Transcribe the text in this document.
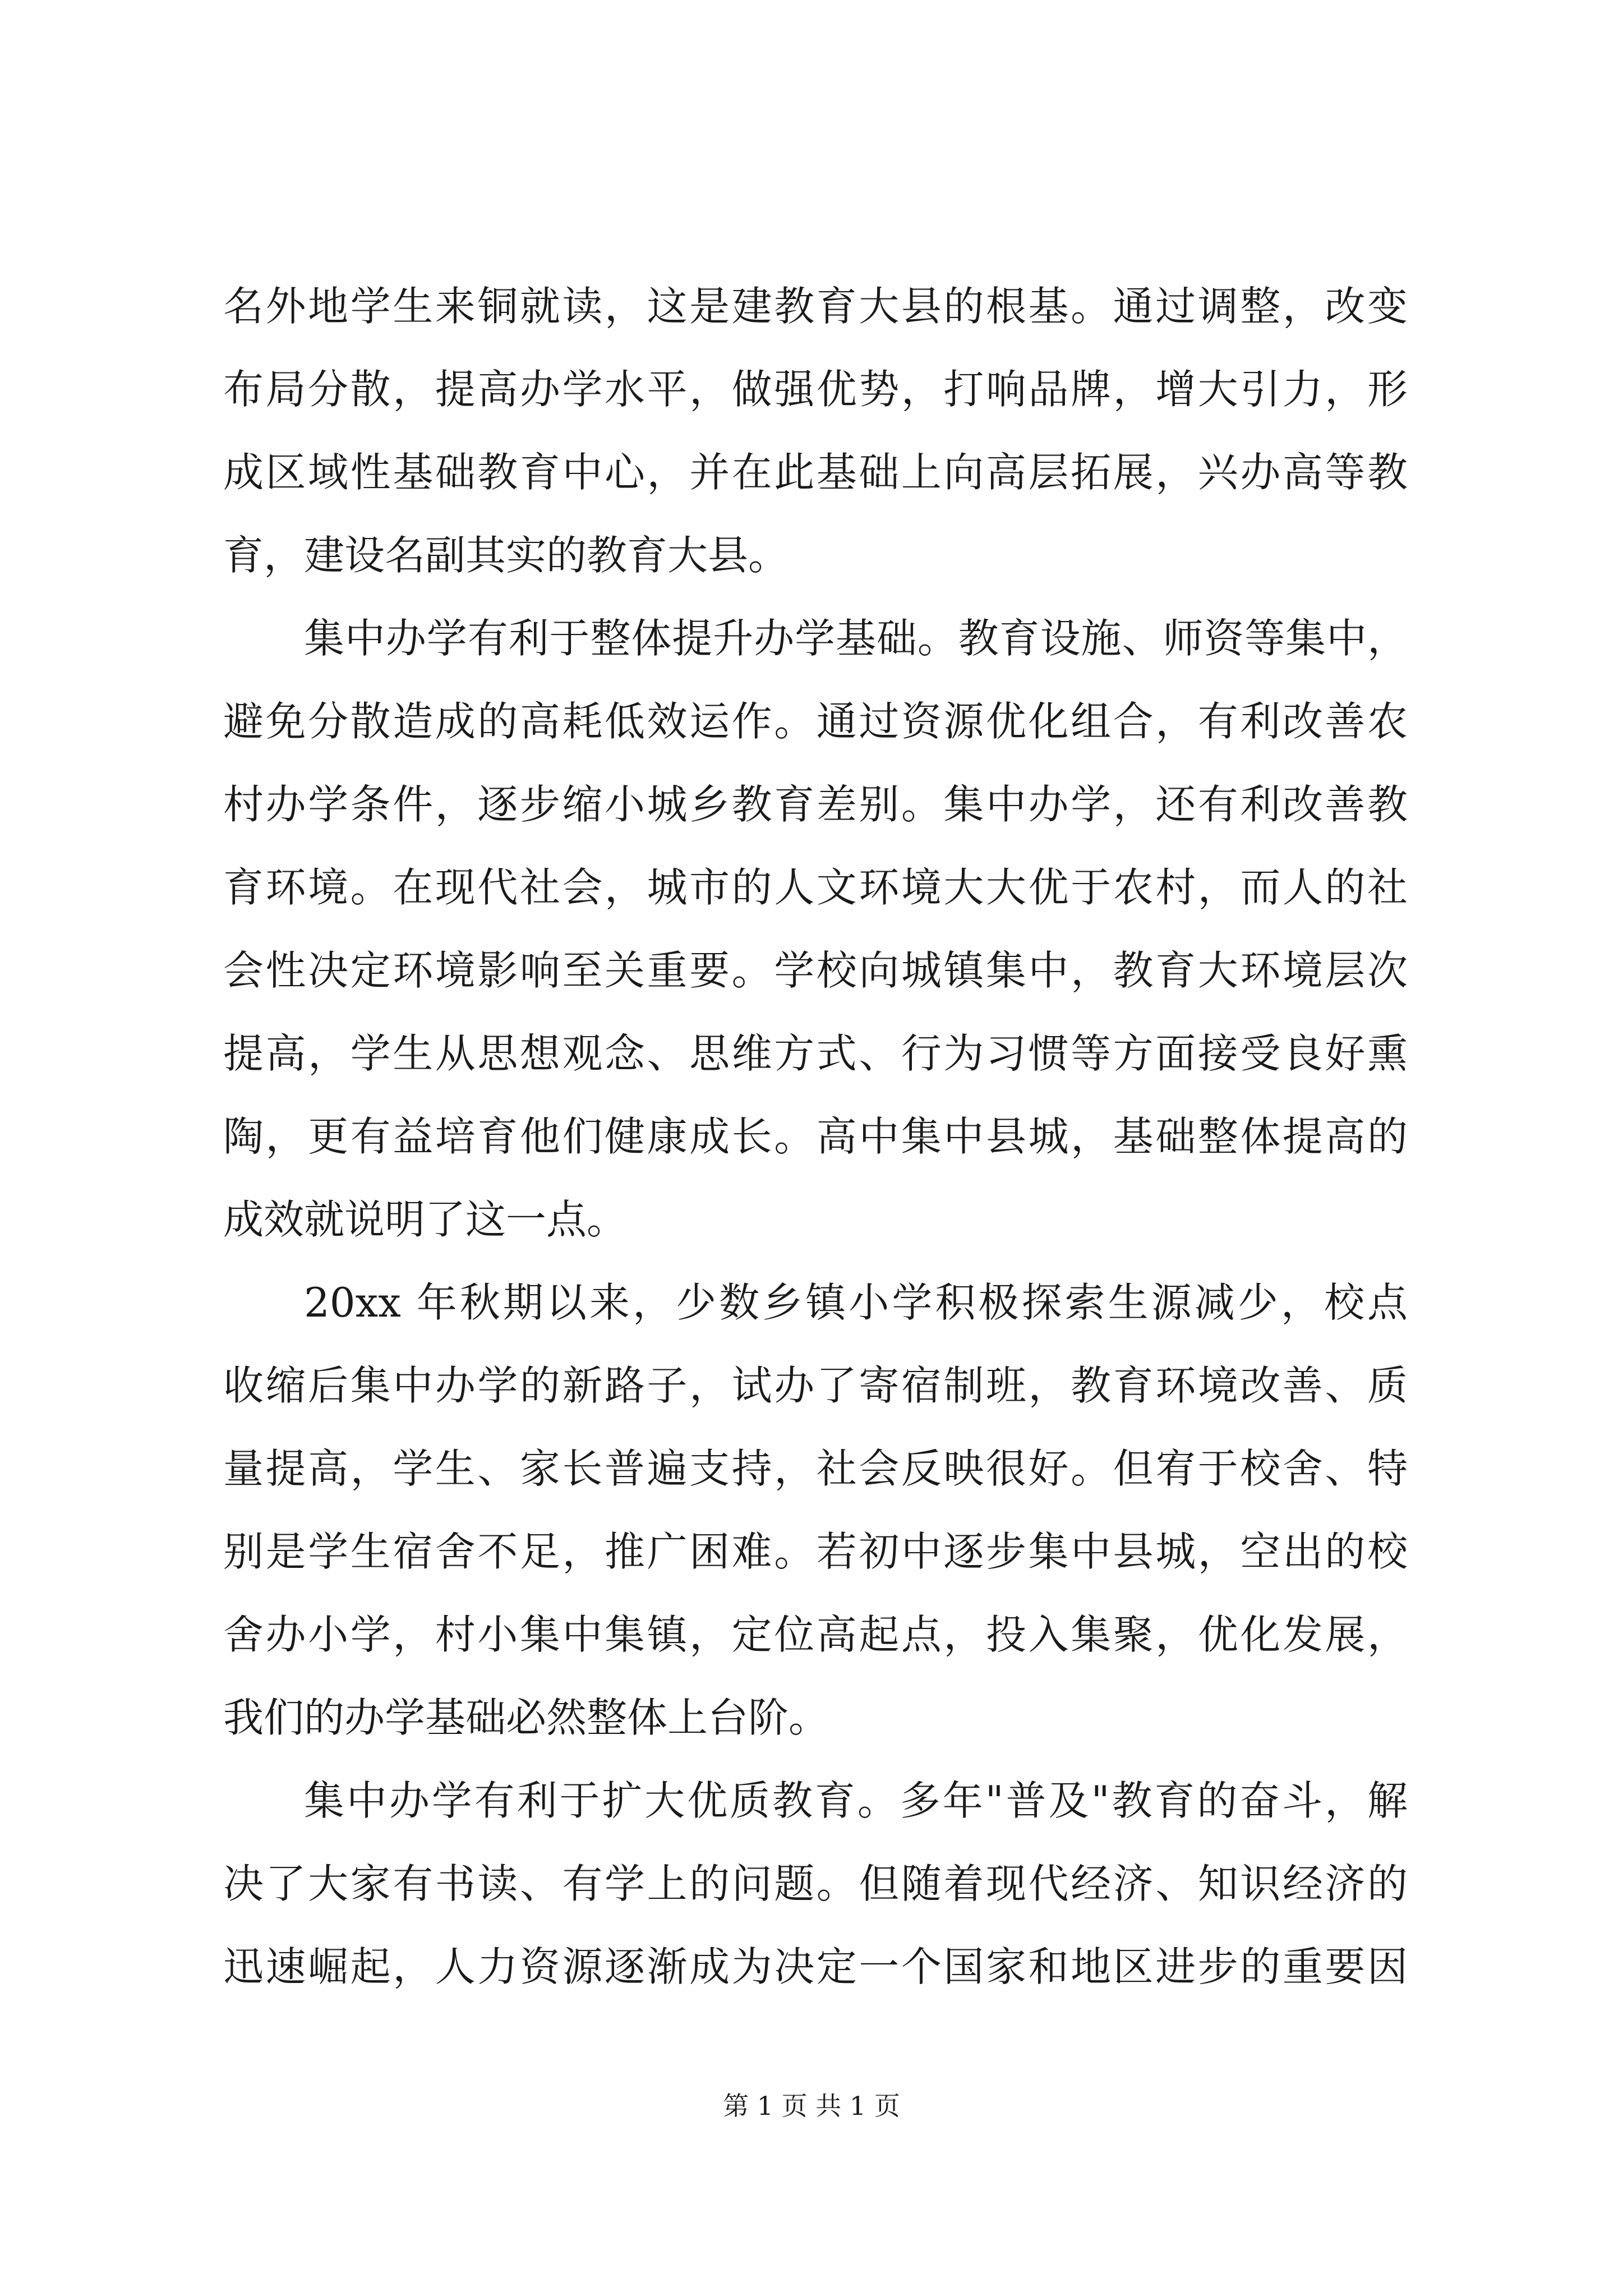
名外地学生来铜就读，这是建教育大县的根基。通过调整，改变
布局分散，提高办学水平，做强优势，打响品牌，增大引力，形
成区域性基础教育中心，并在此基础上向高层拓展，兴办高等教
育，建设名副其实的教育大县。
集中办学有利于整体提升办学基础。教育设施、师资等集中，
避免分散造成的高耗低效运作。通过资源优化组合，有利改善农
村办学条件，逐步缩小城乡教育差别。集中办学，还有利改善教
育环境。在现代社会，城市的人文环境大大优于农村，而人的社
会性决定环境影响至关重要。学校向城镇集中，教育大环境层次
提高，学生从思想观念、思维方式、行为习惯等方面接受良好熏
陶，更有益培育他们健康成长。高中集中县城，基础整体提高的
成效就说明了这一点。
20xx 年秋期以来，少数乡镇小学积极探索生源减少，校点
收缩后集中办学的新路子，试办了寄宿制班，教育环境改善、质
量提高，学生、家长普遍支持，社会反映很好。但宥于校舍、特
别是学生宿舍不足，推广困难。若初中逐步集中县城，空出的校
舍办小学，村小集中集镇，定位高起点，投入集聚，优化发展，
我们的办学基础必然整体上台阶。
集中办学有利于扩大优质教育。多年"普及"教育的奋斗，解
决了大家有书读、有学上的问题。但随着现代经济、知识经济的
迅速崛起，人力资源逐渐成为决定一个国家和地区进步的重要因
第 1 页 共 1 页
